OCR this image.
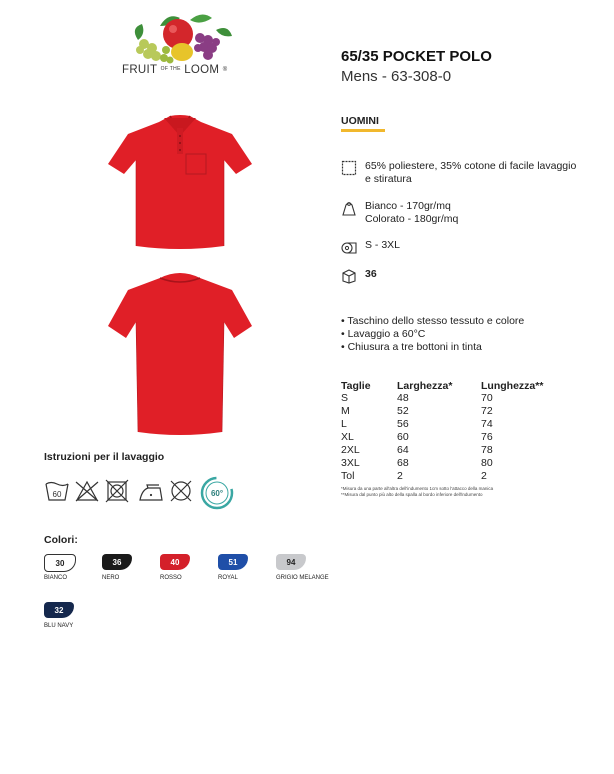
FRUIT OF THE LOOM ®
65/35 POCKET POLO
Mens - 63-308-0
UOMINI
65% poliestere, 35% cotone di facile lavaggio e stiratura
Bianco - 170gr/mq
Colorato - 180gr/mq
S - 3XL
36
• Taschino dello stesso tessuto e colore
• Lavaggio a 60°C
• Chiusura a tre bottoni in tinta
Taglie	Larghezza*	Lunghezza**
S	48	70
M	52	72
L	56	74
XL	60	76
2XL	64	78
3XL	68	80
Tol	2	2
*Misura da una parte all'altra dell'indumento 1cm sotto l'attacco della manica
**Misura dal punto più alto della spalla al bordo inferiore dell'indumento
Istruzioni per il lavaggio
60	60°
Colori:
30
BIANCO
36
NERO
40
ROSSO
51
ROYAL
94
GRIGIO MELANGE
32
BLU NAVY
